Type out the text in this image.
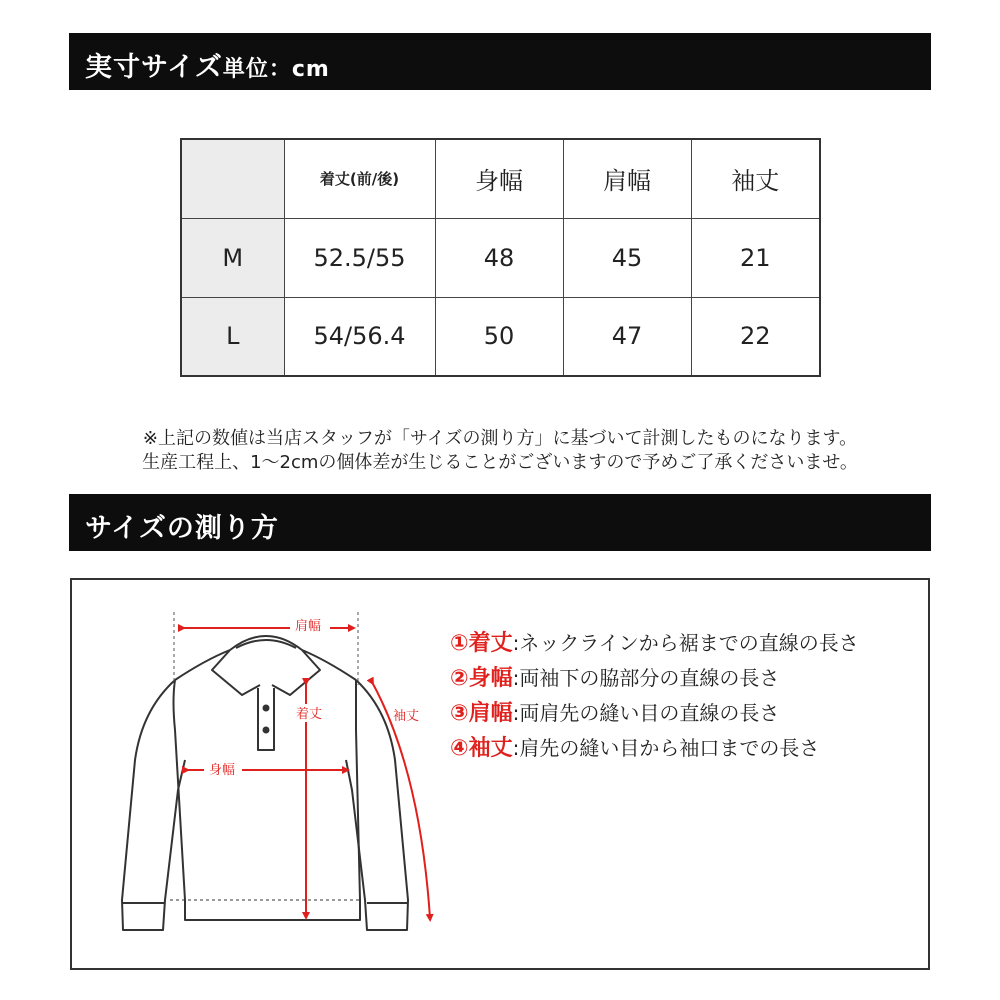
実寸サイズ単位：cm
	着丈(前/後)	身幅	肩幅	袖丈
M	52.5/55	48	45	21
L	54/56.4	50	47	22
※上記の数値は当店スタッフが「サイズの測り方」に基づいて計測したものになります。
生産工程上、1〜2cmの個体差が生じることがございますので予めご了承くださいませ。
サイズの測り方
肩幅
着丈
身幅
袖丈
①着丈:ネックラインから裾までの直線の長さ
②身幅:両袖下の脇部分の直線の長さ
③肩幅:両肩先の縫い目の直線の長さ
④袖丈:肩先の縫い目から袖口までの長さ
